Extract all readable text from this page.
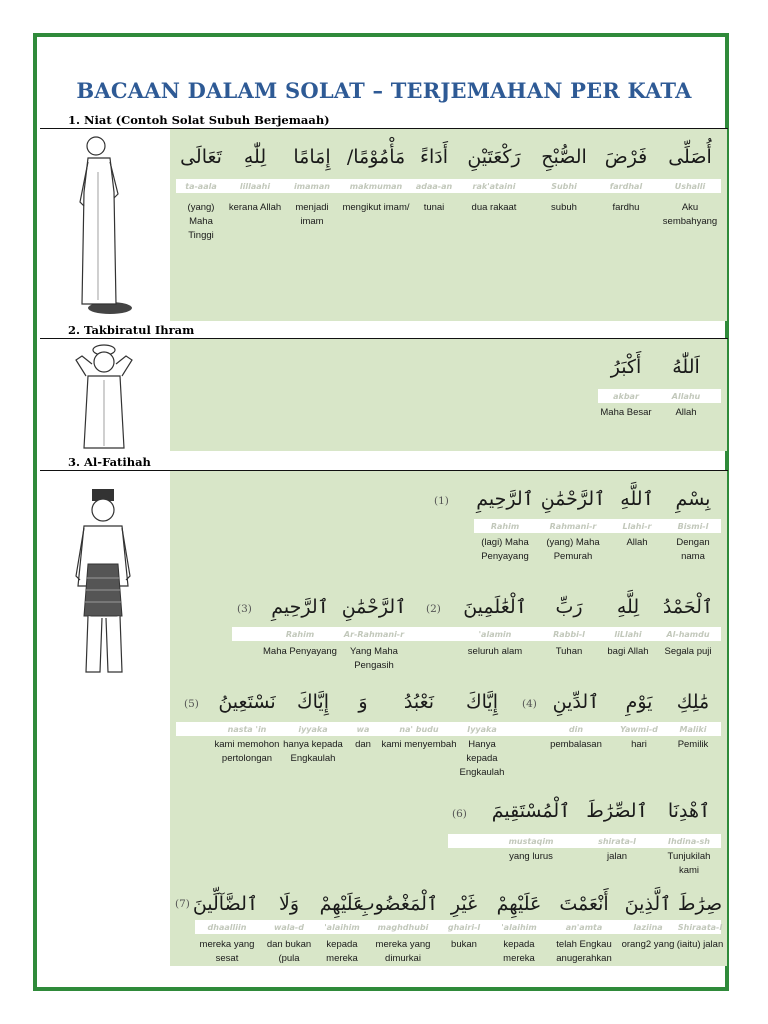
BACAAN DALAM SOLAT – TERJEMAHAN PER KATA
1. Niat (Contoh Solat Subuh Berjemaah)
2. Takbiratul Ihram
3. Al-Fatihah
(1)
(3)	(2)
(5)	(4)
(6)
(7)
أُصَلِّى
Ushalli
Aku sembahyang
فَرْضَ
fardhal
fardhu
الصُّبْحِ
Subhi
subuh
رَكْعَتَيْنِ
rak'ataini
dua rakaat
أَدَاءً
adaa-an
tunai
مَأْمُوْمًا/
makmuman
mengikut imam/
إِمَامًا
imaman
menjadi imam
لِلّٰهِ
lillaahi
kerana Allah
تَعَالَى
ta-aala
(yang) Maha Tinggi
اَللّٰهُ
Allahu
Allah
أَكْبَرُ
akbar
Maha Besar
بِسْمِ
Bismi-l
Dengan nama
ٱللَّهِ
Llahi-r
Allah
ٱلرَّحْمَٰنِ
Rahmani-r
(yang) Maha Pemurah
ٱلرَّحِيمِ
Rahim
(lagi) Maha Penyayang
ٱلْحَمْدُ
Al-hamdu
Segala puji
لِلَّهِ
liLlahi
bagi Allah
رَبِّ
Rabbi-l
Tuhan
ٱلْعَٰلَمِينَ
'alamin
seluruh alam
ٱلرَّحْمَٰنِ
Ar-Rahmani-r
Yang Maha Pengasih
ٱلرَّحِيمِ
Rahim
Maha Penyayang
مَٰلِكِ
Maliki
Pemilik
يَوْمِ
Yawmi-d
hari
ٱلدِّينِ
din
pembalasan
إِيَّاكَ
Iyyaka
Hanya kepada Engkaulah
نَعْبُدُ
na' budu
kami menyembah
وَ
wa
dan
إِيَّاكَ
iyyaka
hanya kepada Engkaulah
نَسْتَعِينُ
nasta 'in
kami memohon pertolongan
ٱهْدِنَا
Ihdina-sh
Tunjukilah kami
ٱلصِّرَٰطَ
shirata-l
jalan
ٱلْمُسْتَقِيمَ
mustaqim
yang lurus
صِرَٰطَ
Shiraata-l
(iaitu) jalan
ٱلَّذِينَ
laziina
orang2 yang
أَنْعَمْتَ
an'amta
telah Engkau anugerahkan
عَلَيْهِمْ
'alaihim
kepada mereka
غَيْرِ
ghairi-l
bukan
ٱلْمَغْضُوبِ
maghdhubi
mereka yang dimurkai
عَلَيْهِمْ
'alaihim
kepada mereka
وَلَا
wala-d
dan bukan (pula
ٱلضَّآلِّينَ
dhaalliin
mereka yang sesat
